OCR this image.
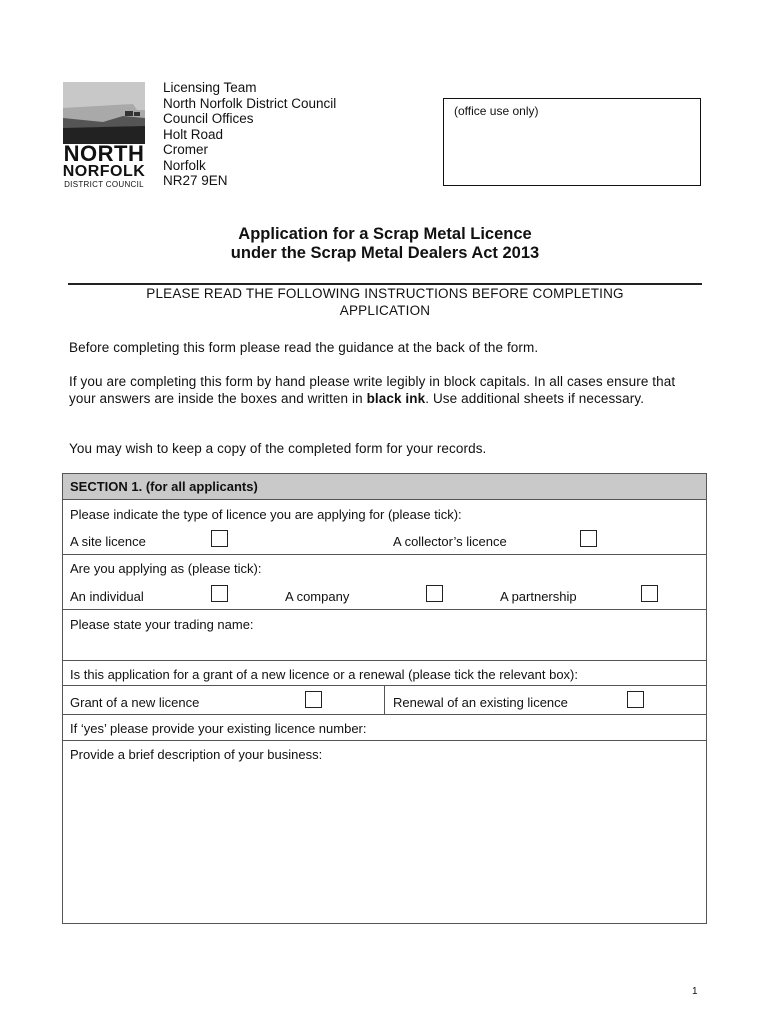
NORTH
NORFOLK
DISTRICT COUNCIL
Licensing Team
North Norfolk District Council
Council Offices
Holt Road
Cromer
Norfolk
NR27 9EN
(office use only)
Application for a Scrap Metal Licence
under the Scrap Metal Dealers Act 2013
PLEASE READ THE FOLLOWING INSTRUCTIONS BEFORE COMPLETING
APPLICATION
Before completing this form please read the guidance at the back of the form.
If you are completing this form by hand please write legibly in block capitals. In all cases ensure that your answers are inside the boxes and written in black ink. Use additional sheets if necessary.
You may wish to keep a copy of the completed form for your records.
SECTION 1. (for all applicants)
Please indicate the type of licence you are applying for (please tick):
A site licence	A collector’s licence
Are you applying as (please tick):
An individual	A company	A partnership
Please state your trading name:
Is this application for a grant of a new licence or a renewal (please tick the relevant box):
Grant of a new licence	Renewal of an existing licence
If ‘yes’ please provide your existing licence number:
Provide a brief description of your business:
1
